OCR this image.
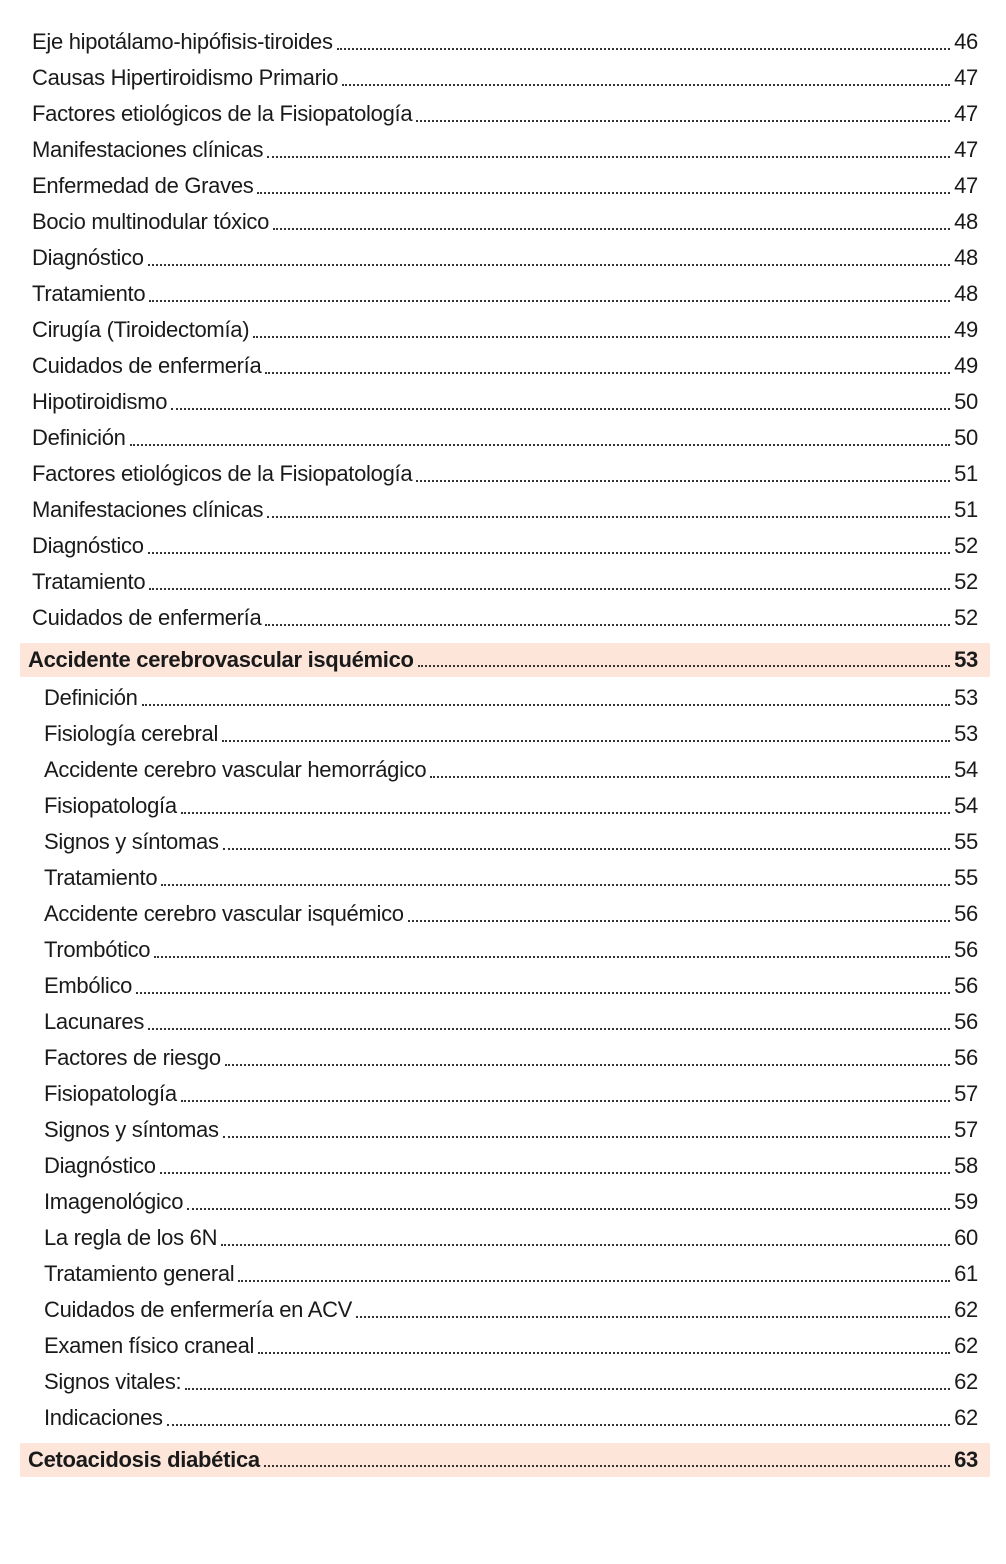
Eje hipotálamo-hipófisis-tiroides	46
Causas Hipertiroidismo Primario	47
Factores etiológicos de la Fisiopatología	47
Manifestaciones clínicas	47
Enfermedad de Graves	47
Bocio multinodular tóxico	48
Diagnóstico	48
Tratamiento	48
Cirugía (Tiroidectomía)	49
Cuidados de enfermería	49
Hipotiroidismo	50
Definición	50
Factores etiológicos de la Fisiopatología	51
Manifestaciones clínicas	51
Diagnóstico	52
Tratamiento	52
Cuidados de enfermería	52
Accidente cerebrovascular isquémico	53
Definición	53
Fisiología cerebral	53
Accidente cerebro vascular hemorrágico	54
Fisiopatología	54
Signos y síntomas	55
Tratamiento	55
Accidente cerebro vascular isquémico	56
Trombótico	56
Embólico	56
Lacunares	56
Factores de riesgo	56
Fisiopatología	57
Signos y síntomas	57
Diagnóstico	58
Imagenológico	59
La regla de los 6N	60
Tratamiento general	61
Cuidados de enfermería en ACV	62
Examen físico craneal	62
Signos vitales:	62
Indicaciones	62
Cetoacidosis diabética	63
